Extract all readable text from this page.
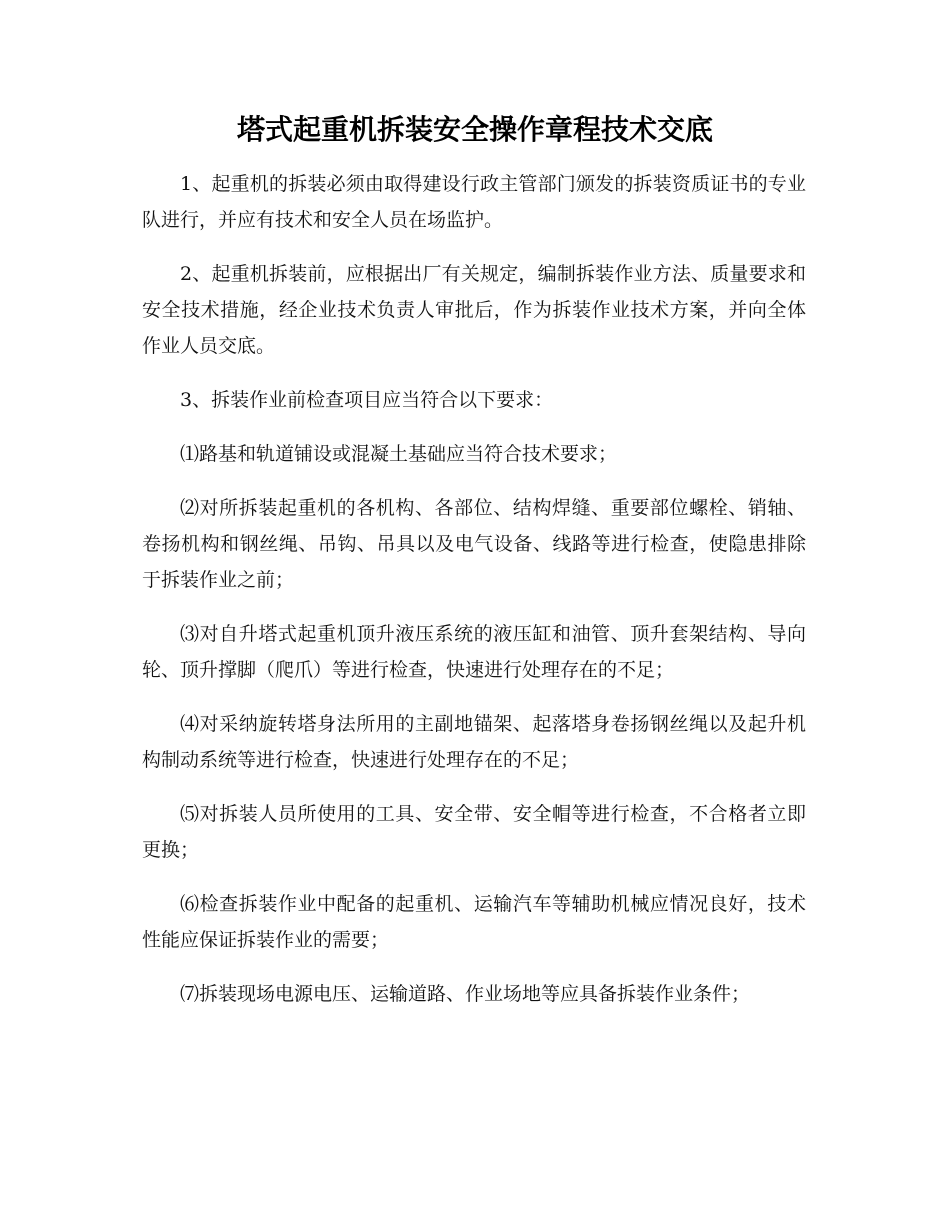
塔式起重机拆装安全操作章程技术交底

1、起重机的拆装必须由取得建设行政主管部门颁发的拆装资质证书的专业队进行，并应有技术和安全人员在场监护。

2、起重机拆装前，应根据出厂有关规定，编制拆装作业方法、质量要求和安全技术措施，经企业技术负责人审批后，作为拆装作业技术方案，并向全体作业人员交底。

3、拆装作业前检查项目应当符合以下要求：

⑴路基和轨道铺设或混凝土基础应当符合技术要求；

⑵对所拆装起重机的各机构、各部位、结构焊缝、重要部位螺栓、销轴、卷扬机构和钢丝绳、吊钩、吊具以及电气设备、线路等进行检查，使隐患排除于拆装作业之前；

⑶对自升塔式起重机顶升液压系统的液压缸和油管、顶升套架结构、导向轮、顶升撑脚（爬爪）等进行检查，快速进行处理存在的不足；

⑷对采纳旋转塔身法所用的主副地锚架、起落塔身卷扬钢丝绳以及起升机构制动系统等进行检查，快速进行处理存在的不足；

⑸对拆装人员所使用的工具、安全带、安全帽等进行检查，不合格者立即更换；

⑹检查拆装作业中配备的起重机、运输汽车等辅助机械应情况良好，技术性能应保证拆装作业的需要；

⑺拆装现场电源电压、运输道路、作业场地等应具备拆装作业条件；
